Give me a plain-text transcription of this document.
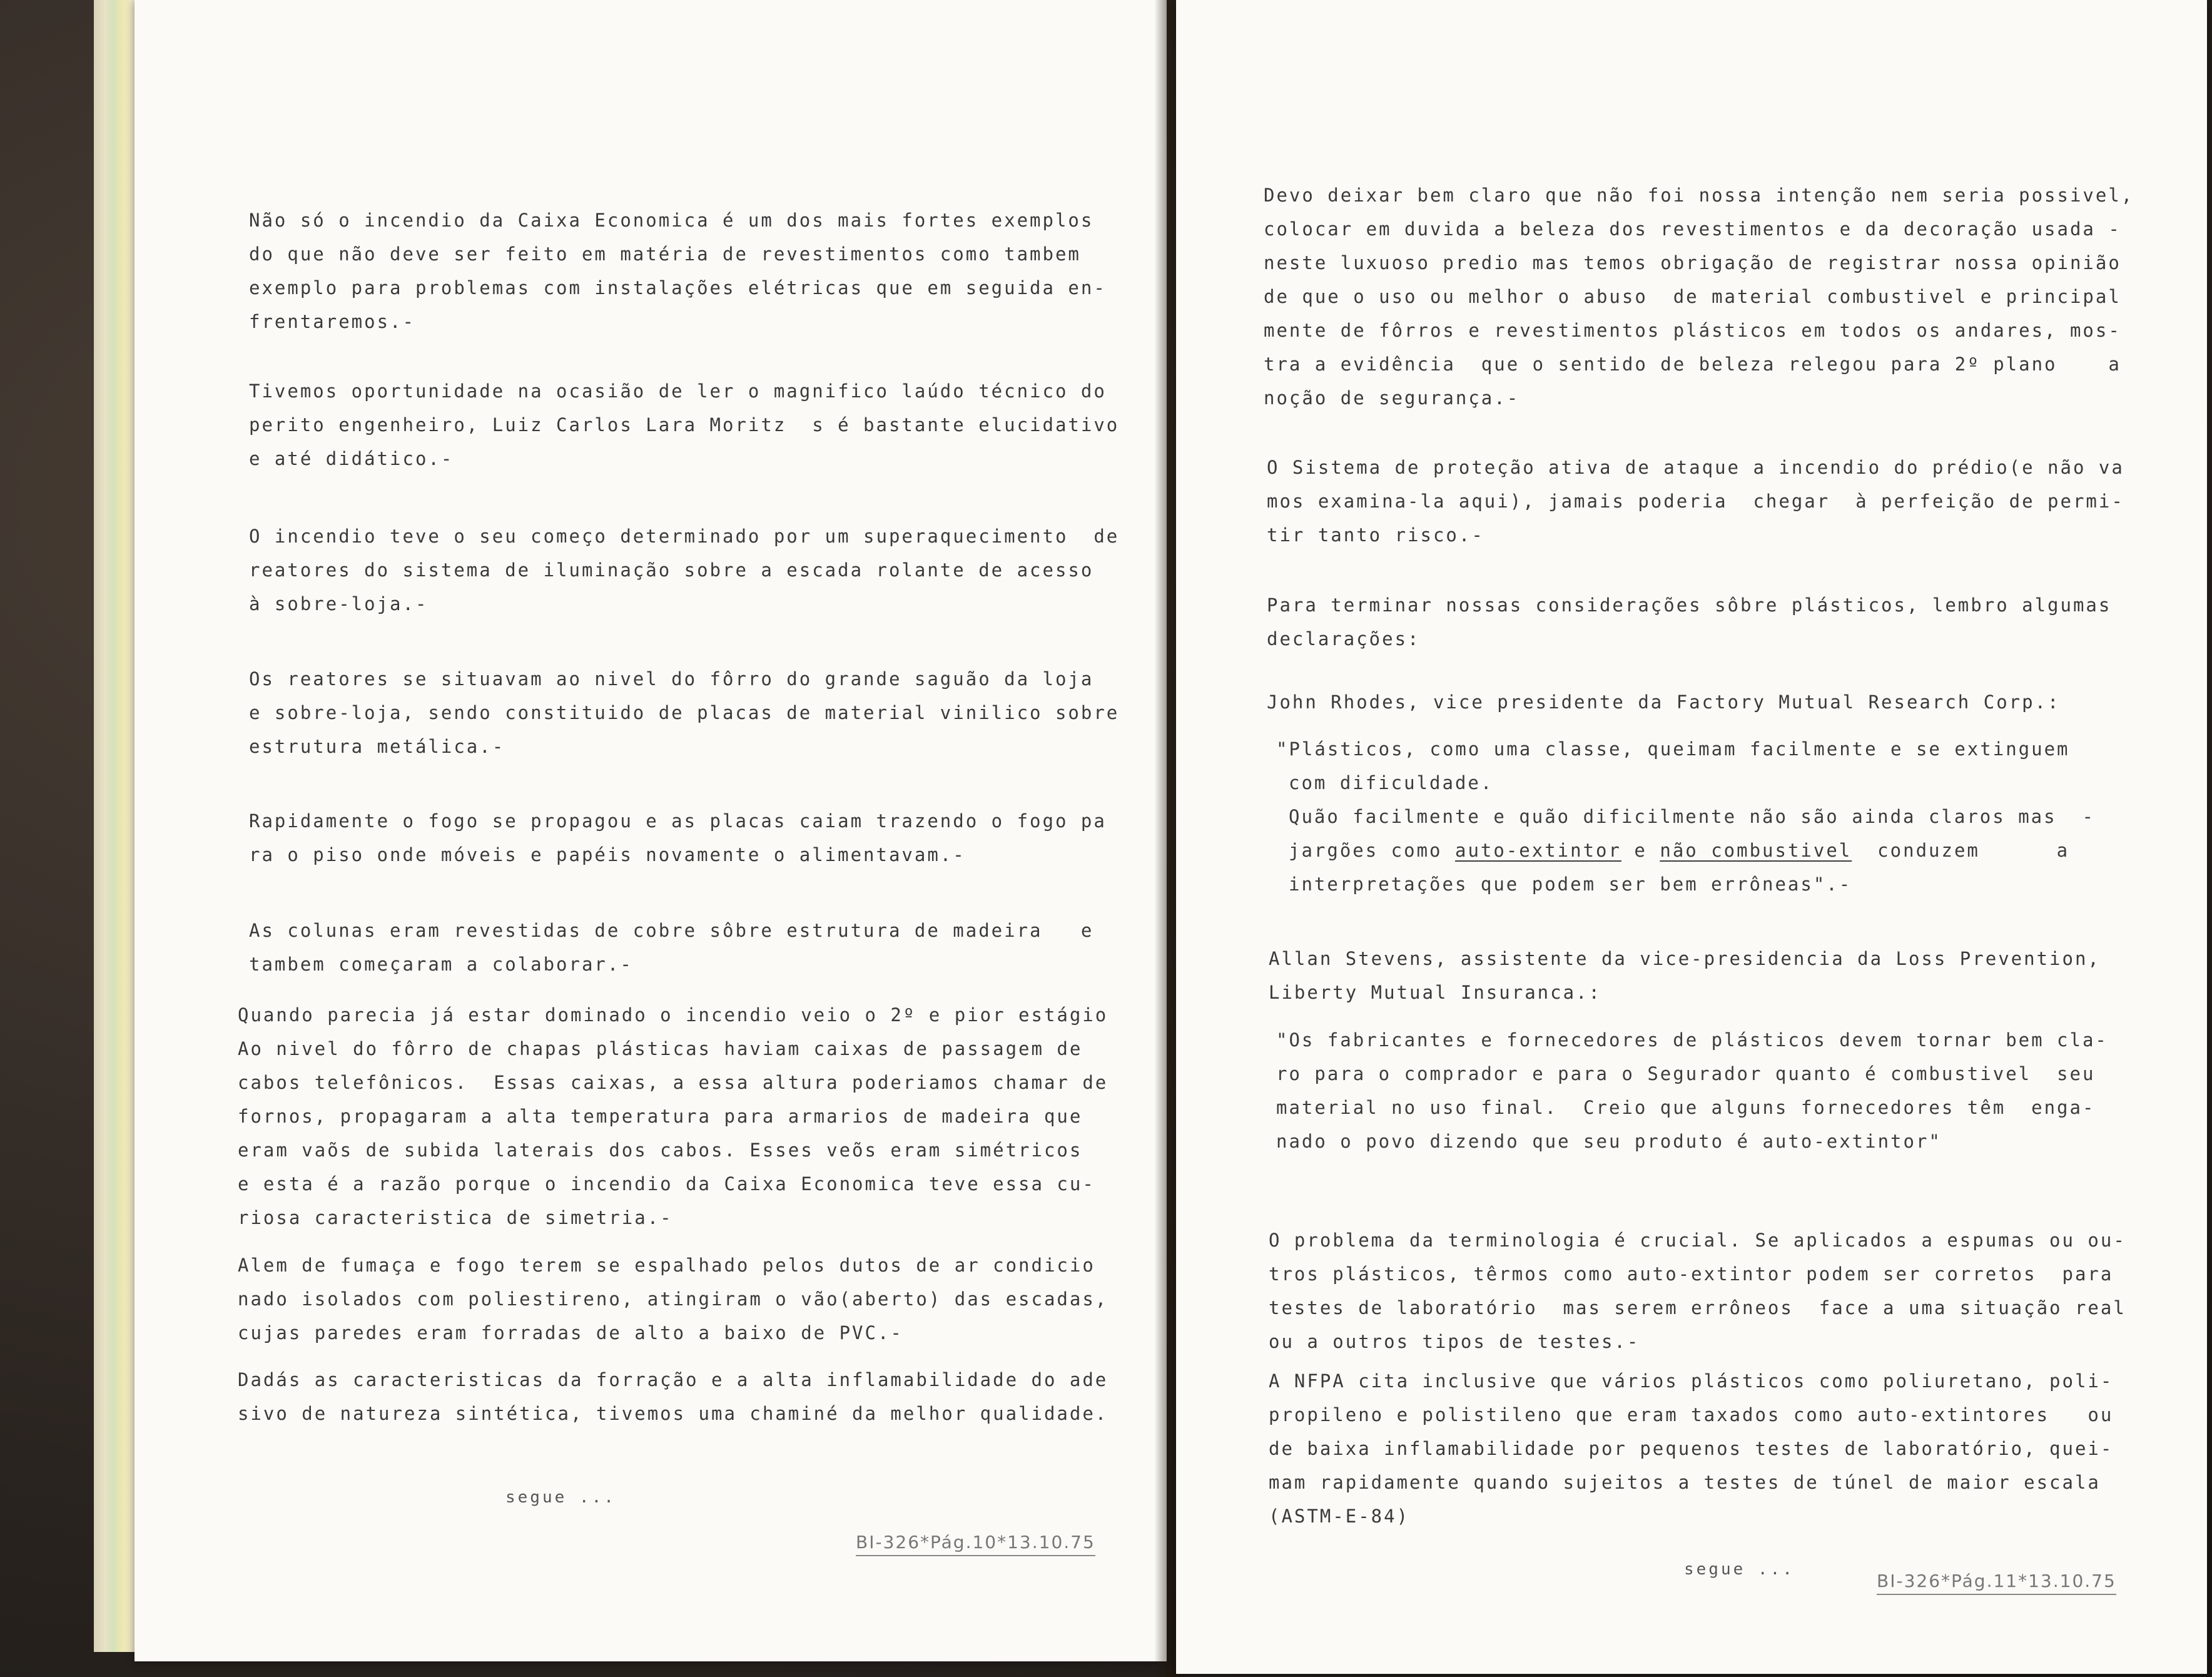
Não só o incendio da Caixa Economica é um dos mais fortes exemplos
do que não deve ser feito em matéria de revestimentos como tambem
exemplo para problemas com instalações elétricas que em seguida en-
frentaremos.-

Tivemos oportunidade na ocasião de ler o magnifico laúdo técnico do
perito engenheiro, Luiz Carlos Lara Moritz  s é bastante elucidativo
e até didático.-

O incendio teve o seu começo determinado por um superaquecimento  de
reatores do sistema de iluminação sobre a escada rolante de acesso
à sobre-loja.-

Os reatores se situavam ao nivel do fôrro do grande saguão da loja
e sobre-loja, sendo constituido de placas de material vinilico sobre
estrutura metálica.-

Rapidamente o fogo se propagou e as placas caiam trazendo o fogo pa
ra o piso onde móveis e papéis novamente o alimentavam.-

As colunas eram revestidas de cobre sôbre estrutura de madeira   e
tambem começaram a colaborar.-

Quando parecia já estar dominado o incendio veio o 2º e pior estágio
Ao nivel do fôrro de chapas plásticas haviam caixas de passagem de
cabos telefônicos.  Essas caixas, a essa altura poderiamos chamar de
fornos, propagaram a alta temperatura para armarios de madeira que
eram vaõs de subida laterais dos cabos. Esses veõs eram simétricos
e esta é a razão porque o incendio da Caixa Economica teve essa cu-
riosa caracteristica de simetria.-

Alem de fumaça e fogo terem se espalhado pelos dutos de ar condicio
nado isolados com poliestireno, atingiram o vão(aberto) das escadas,
cujas paredes eram forradas de alto a baixo de PVC.-

Dadás as caracteristicas da forração e a alta inflamabilidade do ade
sivo de natureza sintética, tivemos uma chaminé da melhor qualidade.

segue ...
BI-326*Pág.10*13.10.75

Devo deixar bem claro que não foi nossa intenção nem seria possivel,
colocar em duvida a beleza dos revestimentos e da decoração usada -
neste luxuoso predio mas temos obrigação de registrar nossa opinião
de que o uso ou melhor o abuso  de material combustivel e principal
mente de fôrros e revestimentos plásticos em todos os andares, mos-
tra a evidência  que o sentido de beleza relegou para 2º plano    a
noção de segurança.-

O Sistema de proteção ativa de ataque a incendio do prédio(e não va
mos examina-la aqui), jamais poderia  chegar  à perfeição de permi-
tir tanto risco.-

Para terminar nossas considerações sôbre plásticos, lembro algumas
declarações:

John Rhodes, vice presidente da Factory Mutual Research Corp.:

"Plásticos, como uma classe, queimam facilmente e se extinguem
com dificuldade.
Quão facilmente e quão dificilmente não são ainda claros mas  -
jargões como auto-extintor e não combustivel  conduzem      a
interpretações que podem ser bem errôneas".-

Allan Stevens, assistente da vice-presidencia da Loss Prevention,
Liberty Mutual Insuranca.:

"Os fabricantes e fornecedores de plásticos devem tornar bem cla-
ro para o comprador e para o Segurador quanto é combustivel  seu
material no uso final.  Creio que alguns fornecedores têm  enga-
nado o povo dizendo que seu produto é auto-extintor"

O problema da terminologia é crucial. Se aplicados a espumas ou ou-
tros plásticos, têrmos como auto-extintor podem ser corretos  para
testes de laboratório  mas serem errôneos  face a uma situação real
ou a outros tipos de testes.-

A NFPA cita inclusive que vários plásticos como poliuretano, poli-
propileno e polistileno que eram taxados como auto-extintores   ou
de baixa inflamabilidade por pequenos testes de laboratório, quei-
mam rapidamente quando sujeitos a testes de túnel de maior escala
(ASTM-E-84)

segue ...
BI-326*Pág.11*13.10.75
